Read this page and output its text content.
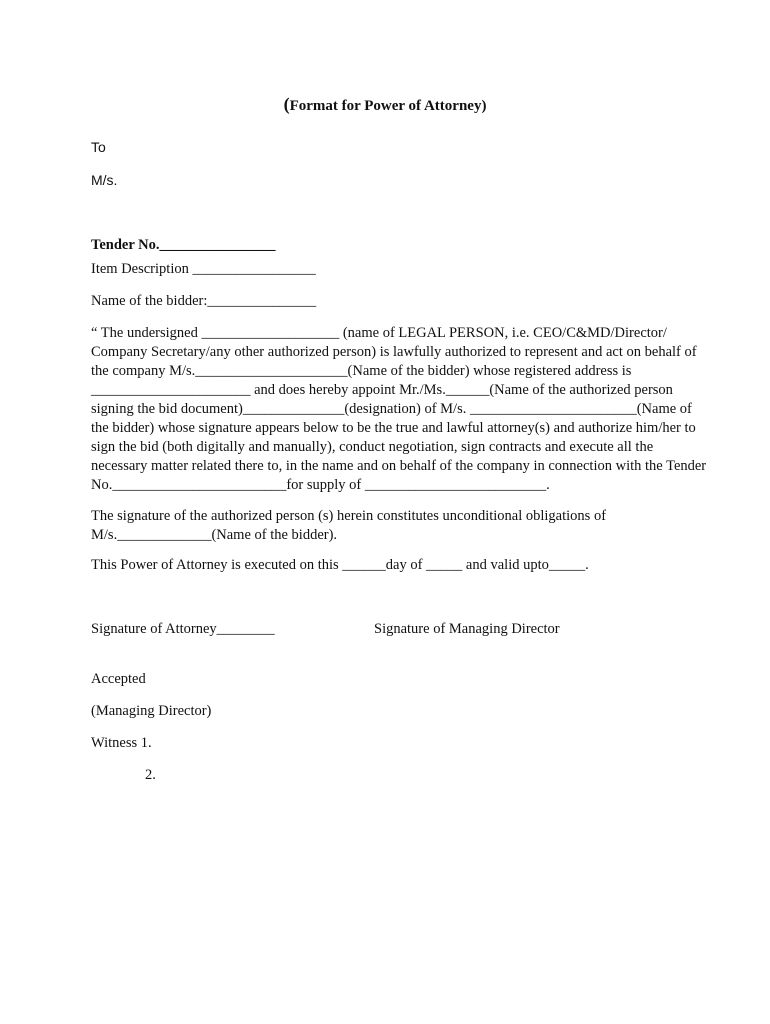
(Format for Power of Attorney)

To

M/s.

Tender No.________________

Item Description _________________

Name of the bidder:_______________

“ The undersigned ___________________ (name of LEGAL PERSON, i.e. CEO/C&MD/Director/
Company Secretary/any other authorized person) is lawfully authorized to represent and act on behalf of
the company M/s._____________________(Name of the bidder) whose registered address is
______________________ and does hereby appoint Mr./Ms.______(Name of the authorized person
signing the bid document)______________(designation) of M/s. _______________________(Name of
the bidder) whose signature appears below to be the true and lawful attorney(s) and authorize him/her to
sign the bid (both digitally and manually), conduct negotiation, sign contracts and execute all the
necessary matter related there to, in the name and on behalf of the company in connection with the Tender
No.________________________for supply of _________________________.
The signature of the authorized person (s) herein constitutes unconditional obligations of
M/s._____________(Name of the bidder).

This Power of Attorney is executed on this ______day of _____ and valid upto_____.

Signature of Attorney________	Signature of Managing Director

Accepted

(Managing Director)

Witness 1.

2.
